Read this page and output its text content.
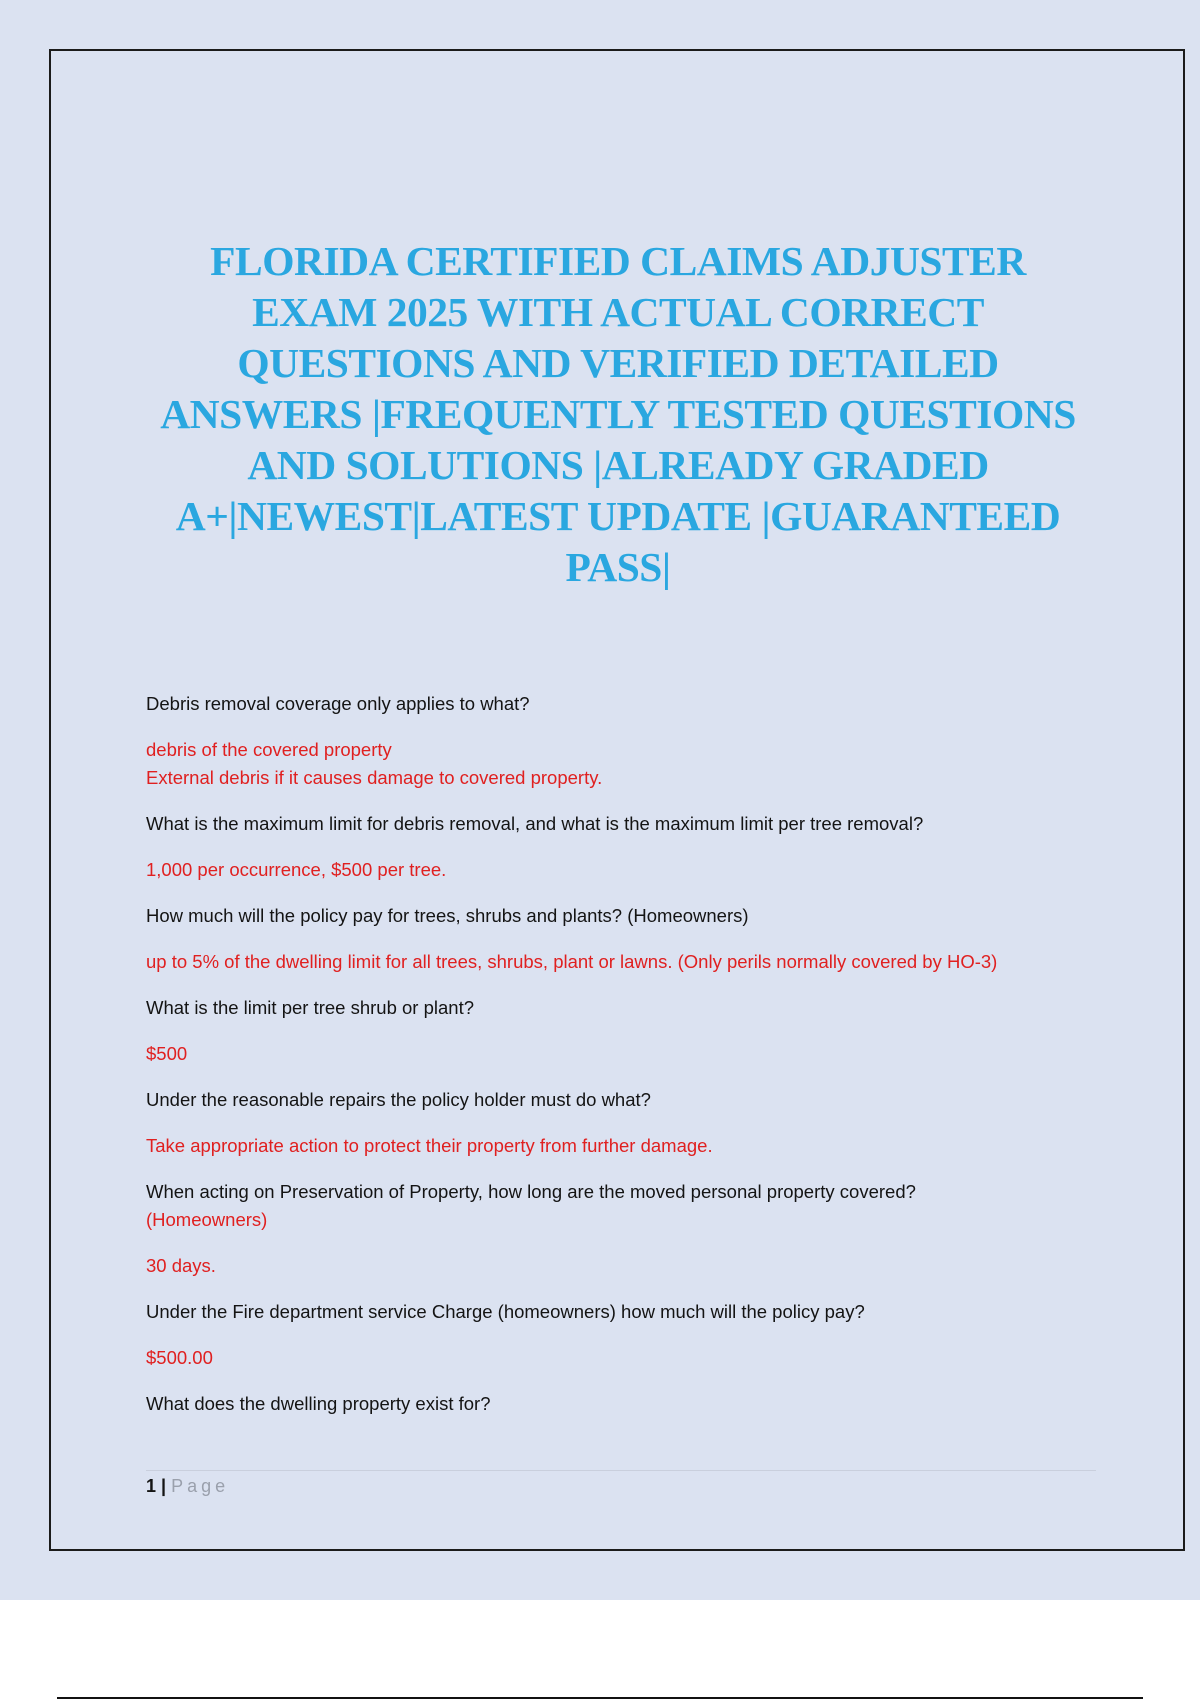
FLORIDA CERTIFIED CLAIMS ADJUSTER EXAM 2025 WITH ACTUAL CORRECT QUESTIONS AND VERIFIED DETAILED ANSWERS |FREQUENTLY TESTED QUESTIONS AND SOLUTIONS |ALREADY GRADED A+|NEWEST|LATEST UPDATE |GUARANTEED PASS|
Debris removal coverage only applies to what?
debris of the covered property
External debris if it causes damage to covered property.
What is the maximum limit for debris removal, and what is the maximum limit per tree removal?
1,000 per occurrence, $500 per tree.
How much will the policy pay for trees, shrubs and plants? (Homeowners)
up to 5% of the dwelling limit for all trees, shrubs, plant or lawns. (Only perils normally covered by HO-3)
What is the limit per tree shrub or plant?
$500
Under the reasonable repairs the policy holder must do what?
Take appropriate action to protect their property from further damage.
When acting on Preservation of Property, how long are the moved personal property covered?
(Homeowners)
30 days.
Under the Fire department service Charge (homeowners) how much will the policy pay?
$500.00
What does the dwelling property exist for?
1 | Page
